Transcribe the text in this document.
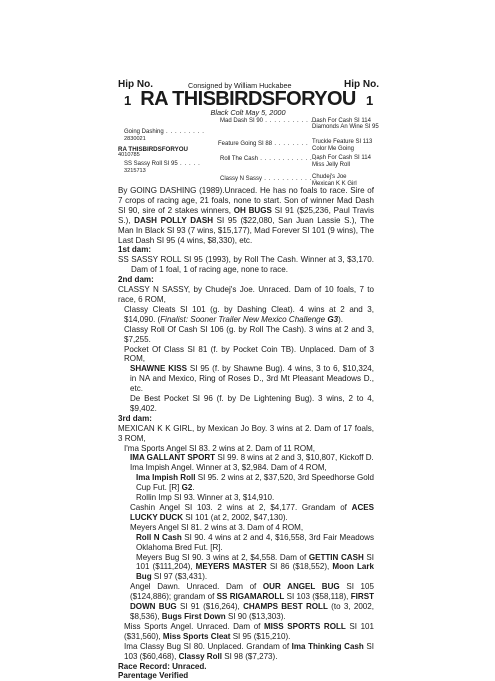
Hip No.	Consigned by William Huckabee	Hip No.
1 RA THISBIRDSFORYOU 1
Black Colt May 5, 2000
RA THISBIRDSFORYOU
4010785
Going Dashing . . . . . . . . .
2830021
SS Sassy Roll SI 95 . . . . .
3215713
Mad Dash SI 90 . . . . . . . . . . . . .
Feature Going SI 88 . . . . . . . .
Roll The Cash . . . . . . . . . . . . . .
Classy N Sassy . . . . . . . . . . . .
Dash For Cash SI 114
Diamonds An Wine SI 95
Truckle Feature SI 113
Color Me Going
Dash For Cash SI 114
Miss Jelly Roll
Chudej's Joe
Mexican K K Girl

By GOING DASHING (1989).Unraced. He has no foals to race. Sire of 7 crops of racing age, 21 foals, none to start. Son of winner Mad Dash SI 90, sire of 2 stakes winners, OH BUGS SI 91 ($25,236, Paul Travis S.), DASH POLLY DASH SI 95 ($22,080, San Juan Lassie S.), The Man In Black SI 93 (7 wins, $15,177), Mad Forever SI 101 (9 wins), The Last Dash SI 95 (4 wins, $8,330), etc.

1st dam:

SS SASSY ROLL SI 95 (1993), by Roll The Cash. Winner at 3, $3,170. Dam of 1 foal, 1 of racing age, none to race.

2nd dam:

CLASSY N SASSY, by Chudej's Joe. Unraced. Dam of 10 foals, 7 to race, 6 ROM,

Classy Cleats SI 101 (g. by Dashing Cleat). 4 wins at 2 and 3, $14,090. (Finalist: Sooner Trailer New Mexico Challenge G3).

Classy Roll Of Cash SI 106 (g. by Roll The Cash). 3 wins at 2 and 3, $7,255.

Pocket Of Class SI 81 (f. by Pocket Coin TB). Unplaced. Dam of 3 ROM,

SHAWNE KISS SI 95 (f. by Shawne Bug). 4 wins, 3 to 6, $10,324, in NA and Mexico, Ring of Roses D., 3rd Mt Pleasant Meadows D., etc.

De Best Pocket SI 96 (f. by De Lightening Bug). 3 wins, 2 to 4, $9,402.

3rd dam:

MEXICAN K K GIRL, by Mexican Jo Boy. 3 wins at 2. Dam of 17 foals, 3 ROM,

I'ma Sports Angel SI 83. 2 wins at 2. Dam of 11 ROM,

IMA GALLANT SPORT SI 99. 8 wins at 2 and 3, $10,807, Kickoff D.

Ima Impish Angel. Winner at 3, $2,984. Dam of 4 ROM,

Ima Impish Roll SI 95. 2 wins at 2, $37,520, 3rd Speedhorse Gold Cup Fut. [R] G2.

Rollin Imp SI 93. Winner at 3, $14,910.

Cashin Angel SI 103. 2 wins at 2, $4,177. Grandam of ACES LUCKY DUCK SI 101 (at 2, 2002, $47,130).

Meyers Angel SI 81. 2 wins at 3. Dam of 4 ROM,

Roll N Cash SI 90. 4 wins at 2 and 4, $16,558, 3rd Fair Meadows Oklahoma Bred Fut. [R].

Meyers Bug SI 90. 3 wins at 2, $4,558. Dam of GETTIN CASH SI 101 ($111,204), MEYERS MASTER SI 86 ($18,552), Moon Lark Bug SI 97 ($3,431).

Angel Dawn. Unraced. Dam of OUR ANGEL BUG SI 105 ($124,886); grandam of SS RIGAMAROLL SI 103 ($58,118), FIRST DOWN BUG SI 91 ($16,264), CHAMPS BEST ROLL (to 3, 2002, $8,536), Bugs First Down SI 90 ($13,303).

Miss Sports Angel. Unraced. Dam of MISS SPORTS ROLL SI 101 ($31,560), Miss Sports Cleat SI 95 ($15,210).

Ima Classy Bug SI 80. Unplaced. Grandam of Ima Thinking Cash SI 103 ($60,468), Classy Roll SI 98 ($7,273).

Race Record: Unraced.

Parentage Verified
